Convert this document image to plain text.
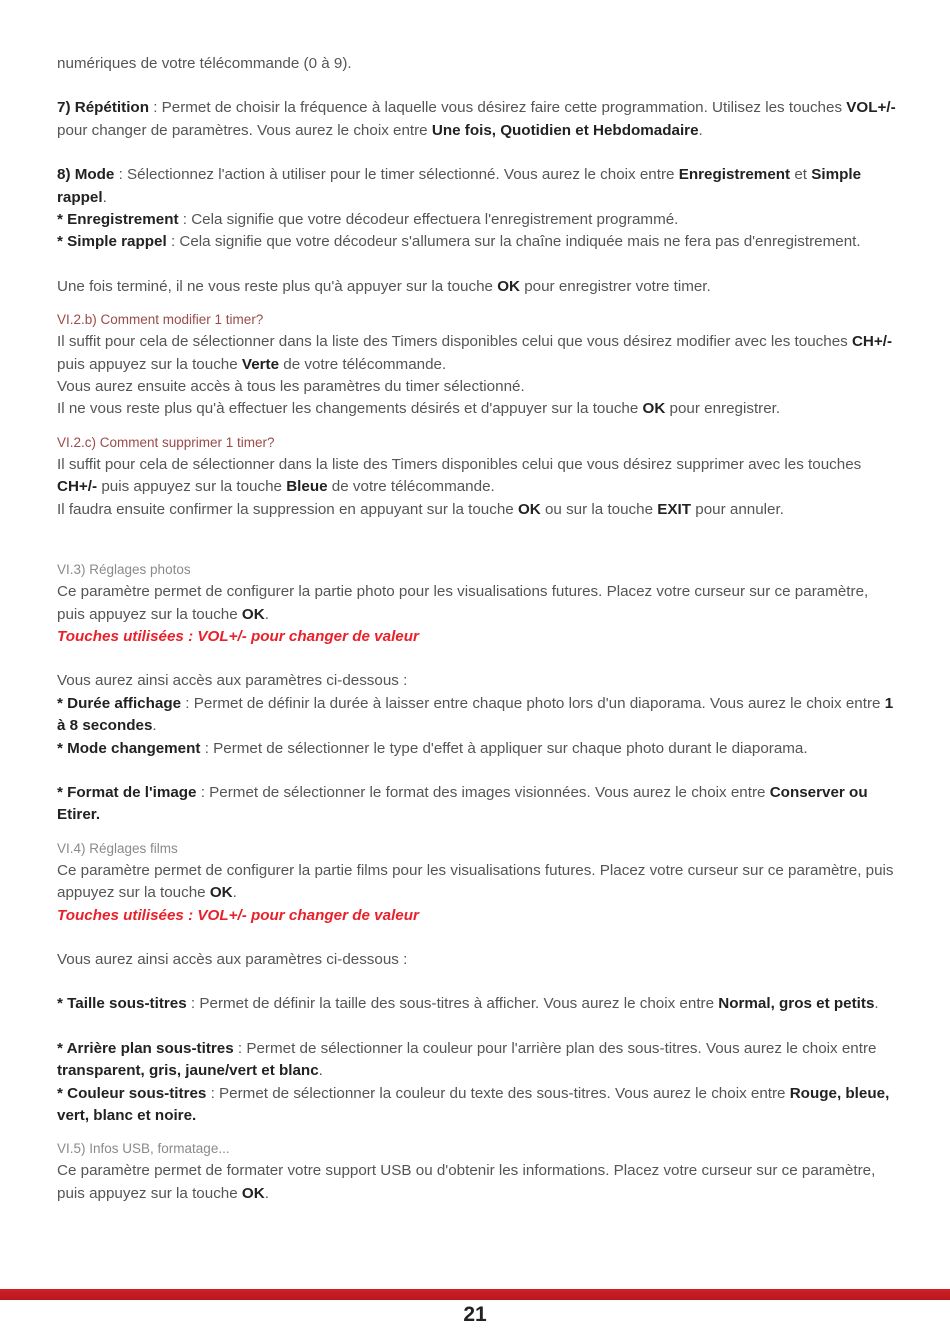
numériques de votre télécommande (0 à 9).

7) Répétition : Permet de choisir la fréquence à laquelle vous désirez faire cette programmation. Utilisez les touches VOL+/- pour changer de paramètres. Vous aurez le choix entre Une fois, Quotidien et Hebdomadaire.

8) Mode : Sélectionnez l'action à utiliser pour le timer sélectionné. Vous aurez le choix entre Enregistrement et Simple rappel.

* Enregistrement : Cela signifie que votre décodeur effectuera l'enregistrement programmé.

* Simple rappel : Cela signifie que votre décodeur s'allumera sur la chaîne indiquée mais ne fera pas d'enregistrement.

Une fois terminé, il ne vous reste plus qu'à appuyer sur la touche OK pour enregistrer votre timer.

VI.2.b) Comment modifier 1 timer?

Il suffit pour cela de sélectionner dans la liste des Timers disponibles celui que vous désirez modifier avec les touches CH+/- puis appuyez sur la touche Verte de votre télécommande.

Vous aurez ensuite accès à tous les paramètres du timer sélectionné.

Il ne vous reste plus qu'à effectuer les changements désirés et d'appuyer sur la touche OK pour enregistrer.

VI.2.c) Comment supprimer 1 timer?

Il suffit pour cela de sélectionner dans la liste des Timers disponibles celui que vous désirez supprimer avec les touches CH+/- puis appuyez sur la touche Bleue de votre télécommande.

Il faudra ensuite confirmer la suppression en appuyant sur la touche OK ou sur la touche EXIT pour annuler.

VI.3) Réglages photos

Ce paramètre permet de configurer la partie photo pour les visualisations futures. Placez votre curseur sur ce paramètre, puis appuyez sur la touche OK.

Touches utilisées : VOL+/- pour changer de valeur

Vous aurez ainsi accès aux paramètres ci-dessous :

* Durée affichage : Permet de définir la durée à laisser entre chaque photo lors d'un diaporama. Vous aurez le choix entre 1 à 8 secondes.

* Mode changement : Permet de sélectionner le type d'effet à appliquer sur chaque photo durant le diaporama.

* Format de l'image : Permet de sélectionner le format des images visionnées. Vous aurez le choix entre Conserver ou Etirer.

VI.4) Réglages films

Ce paramètre permet de configurer la partie films pour les visualisations futures. Placez votre curseur sur ce paramètre, puis appuyez sur la touche OK.

Touches utilisées : VOL+/- pour changer de valeur

Vous aurez ainsi accès aux paramètres ci-dessous :

* Taille sous-titres : Permet de définir la taille des sous-titres à afficher. Vous aurez le choix entre Normal, gros et petits.

* Arrière plan sous-titres : Permet de sélectionner la couleur pour l'arrière plan des sous-titres. Vous aurez le choix entre transparent, gris, jaune/vert et blanc.

* Couleur sous-titres : Permet de sélectionner la couleur du texte des sous-titres. Vous aurez le choix entre Rouge, bleue, vert, blanc et noire.

VI.5) Infos USB, formatage...

Ce paramètre permet de formater votre support USB ou d'obtenir les informations. Placez votre curseur sur ce paramètre, puis appuyez sur la touche OK.

21
